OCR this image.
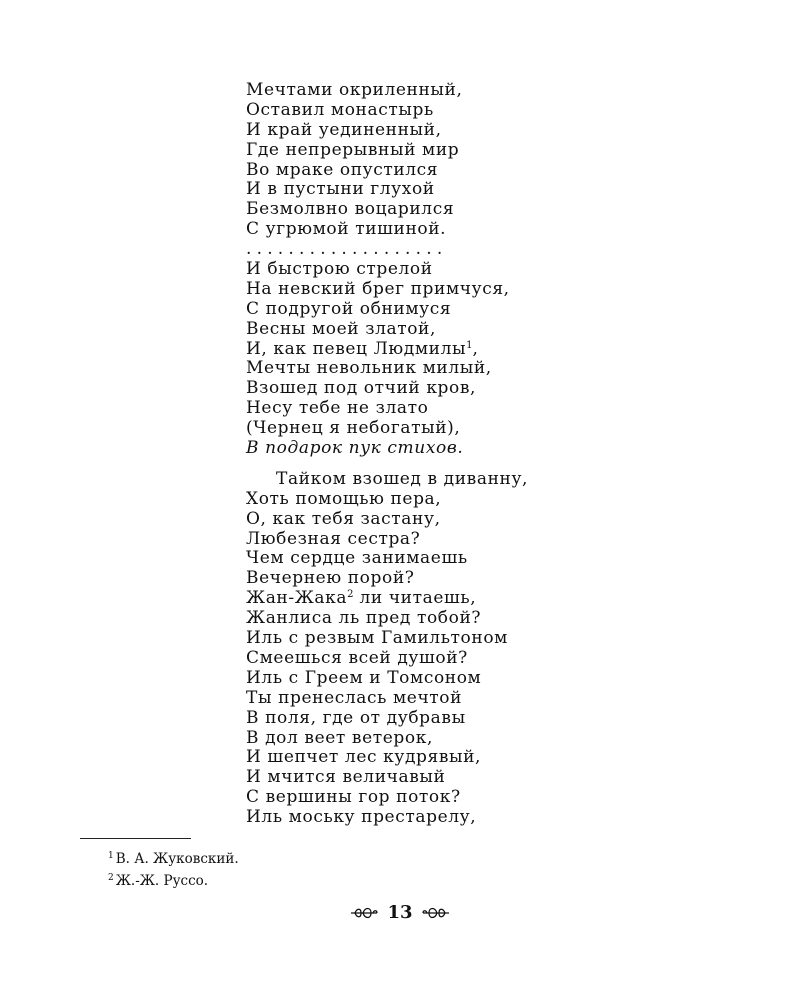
Мечтами окриленный,
Оставил монастырь
И край уединенный,
Где непрерывный мир
Во мраке опустился
И в пустыни глухой
Безмолвно воцарился
С угрюмой тишиной.
...................
И быстрою стрелой
На невский брег примчуся,
С подругой обнимуся
Весны моей златой,
И, как певец Людмилы$^1$,
Мечты невольник милый,
Взошед под отчий кров,
Несу тебе не злато
(Чернец я небогатый),
В подарок пук стихов.
Тайком взошед в диванну,
Хоть помощью пера,
О, как тебя застану,
Любезная сестра?
Чем сердце занимаешь
Вечернею порой?
Жан-Жака$^2$ ли читаешь,
Жанлиса ль пред тобой?
Иль с резвым Гамильтоном
Смеешься всей душой?
Иль с Греем и Томсоном
Ты пренеслась мечтой
В поля, где от дубравы
В дол веет ветерок,
И шепчет лес кудрявый,
И мчится величавый
С вершины гор поток?
Иль моську престарелу,
$^1$ В. А. Жуковский.
$^2$ Ж.-Ж. Руссо.
13
